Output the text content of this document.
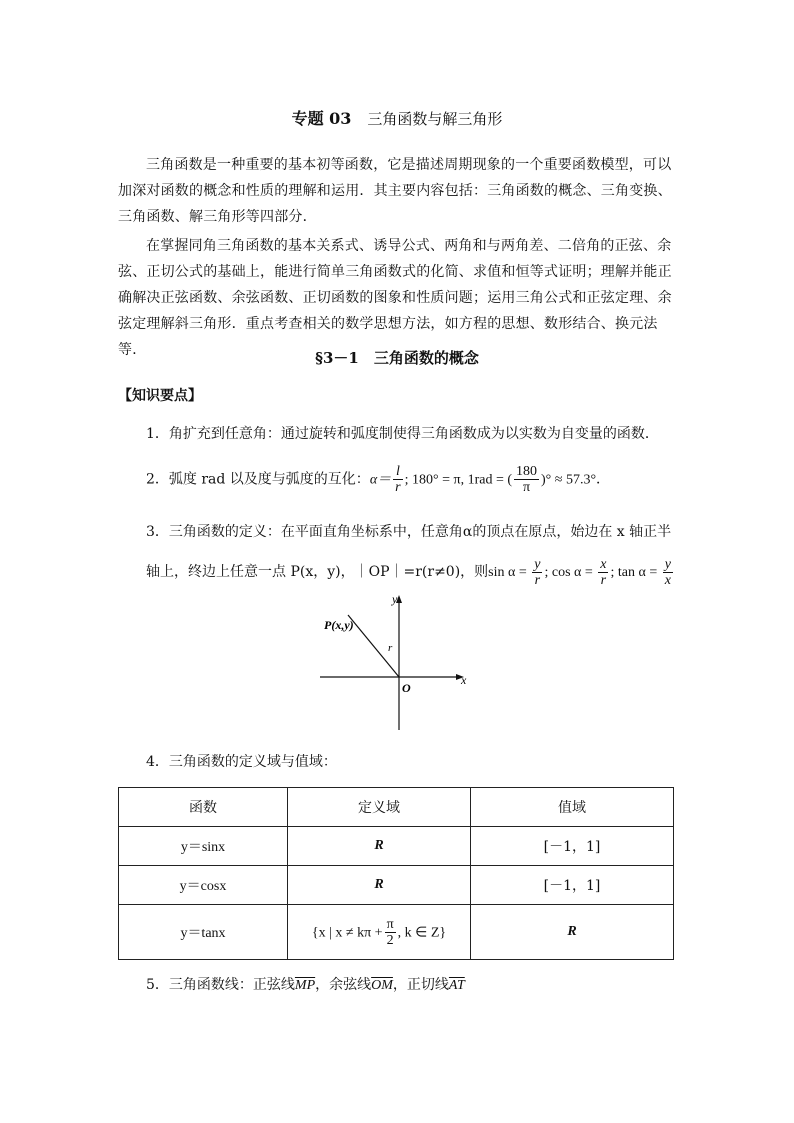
专题 03 三角函数与解三角形

三角函数是一种重要的基本初等函数，它是描述周期现象的一个重要函数模型，可以加深对函数的概念和性质的理解和运用．其主要内容包括：三角函数的概念、三角变换、三角函数、解三角形等四部分．

在掌握同角三角函数的基本关系式、诱导公式、两角和与两角差、二倍角的正弦、余弦、正切公式的基础上，能进行简单三角函数式的化简、求值和恒等式证明；理解并能正确解决正弦函数、余弦函数、正切函数的图象和性质问题；运用三角公式和正弦定理、余弦定理解斜三角形．重点考查相关的数学思想方法，如方程的思想、数形结合、换元法等．	§3－1　三角函数的概念
【知识要点】
1．角扩充到任意角：通过旋转和弧度制使得三角函数成为以实数为自变量的函数．
2．弧度 rad 以及度与弧度的互化：$\alpha= \frac{l}{r}$ ; 180° = π, 1rad = ( $\frac{180}{\pi}$ )° ≈ 57.3°．
3．三角函数的定义：在平面直角坐标系中，任意角α的顶点在原点，始边在 x 轴正半轴上，终边上任意一点 P(x，y)，｜OP｜=r(r≠0)，则$\sin \alpha = \frac{y}{r}$ ; $\cos \alpha = \frac{x}{r}$ ; $\tan \alpha = \frac{y}{x}$
P(x,y)
r
O
x
y
4．三角函数的定义域与值域：
函数	定义域	值域
y＝sinx	R	[－1，1]
y＝cosx	R	[－1，1]
y＝tanx	{x | $x \ne k\pi + \frac{\pi}{2}$ , k ∈ Z}	R
5．三角函数线：正弦线$\overline{MP}$，余弦线$\overline{OM}$，正切线$\overline{AT}$
